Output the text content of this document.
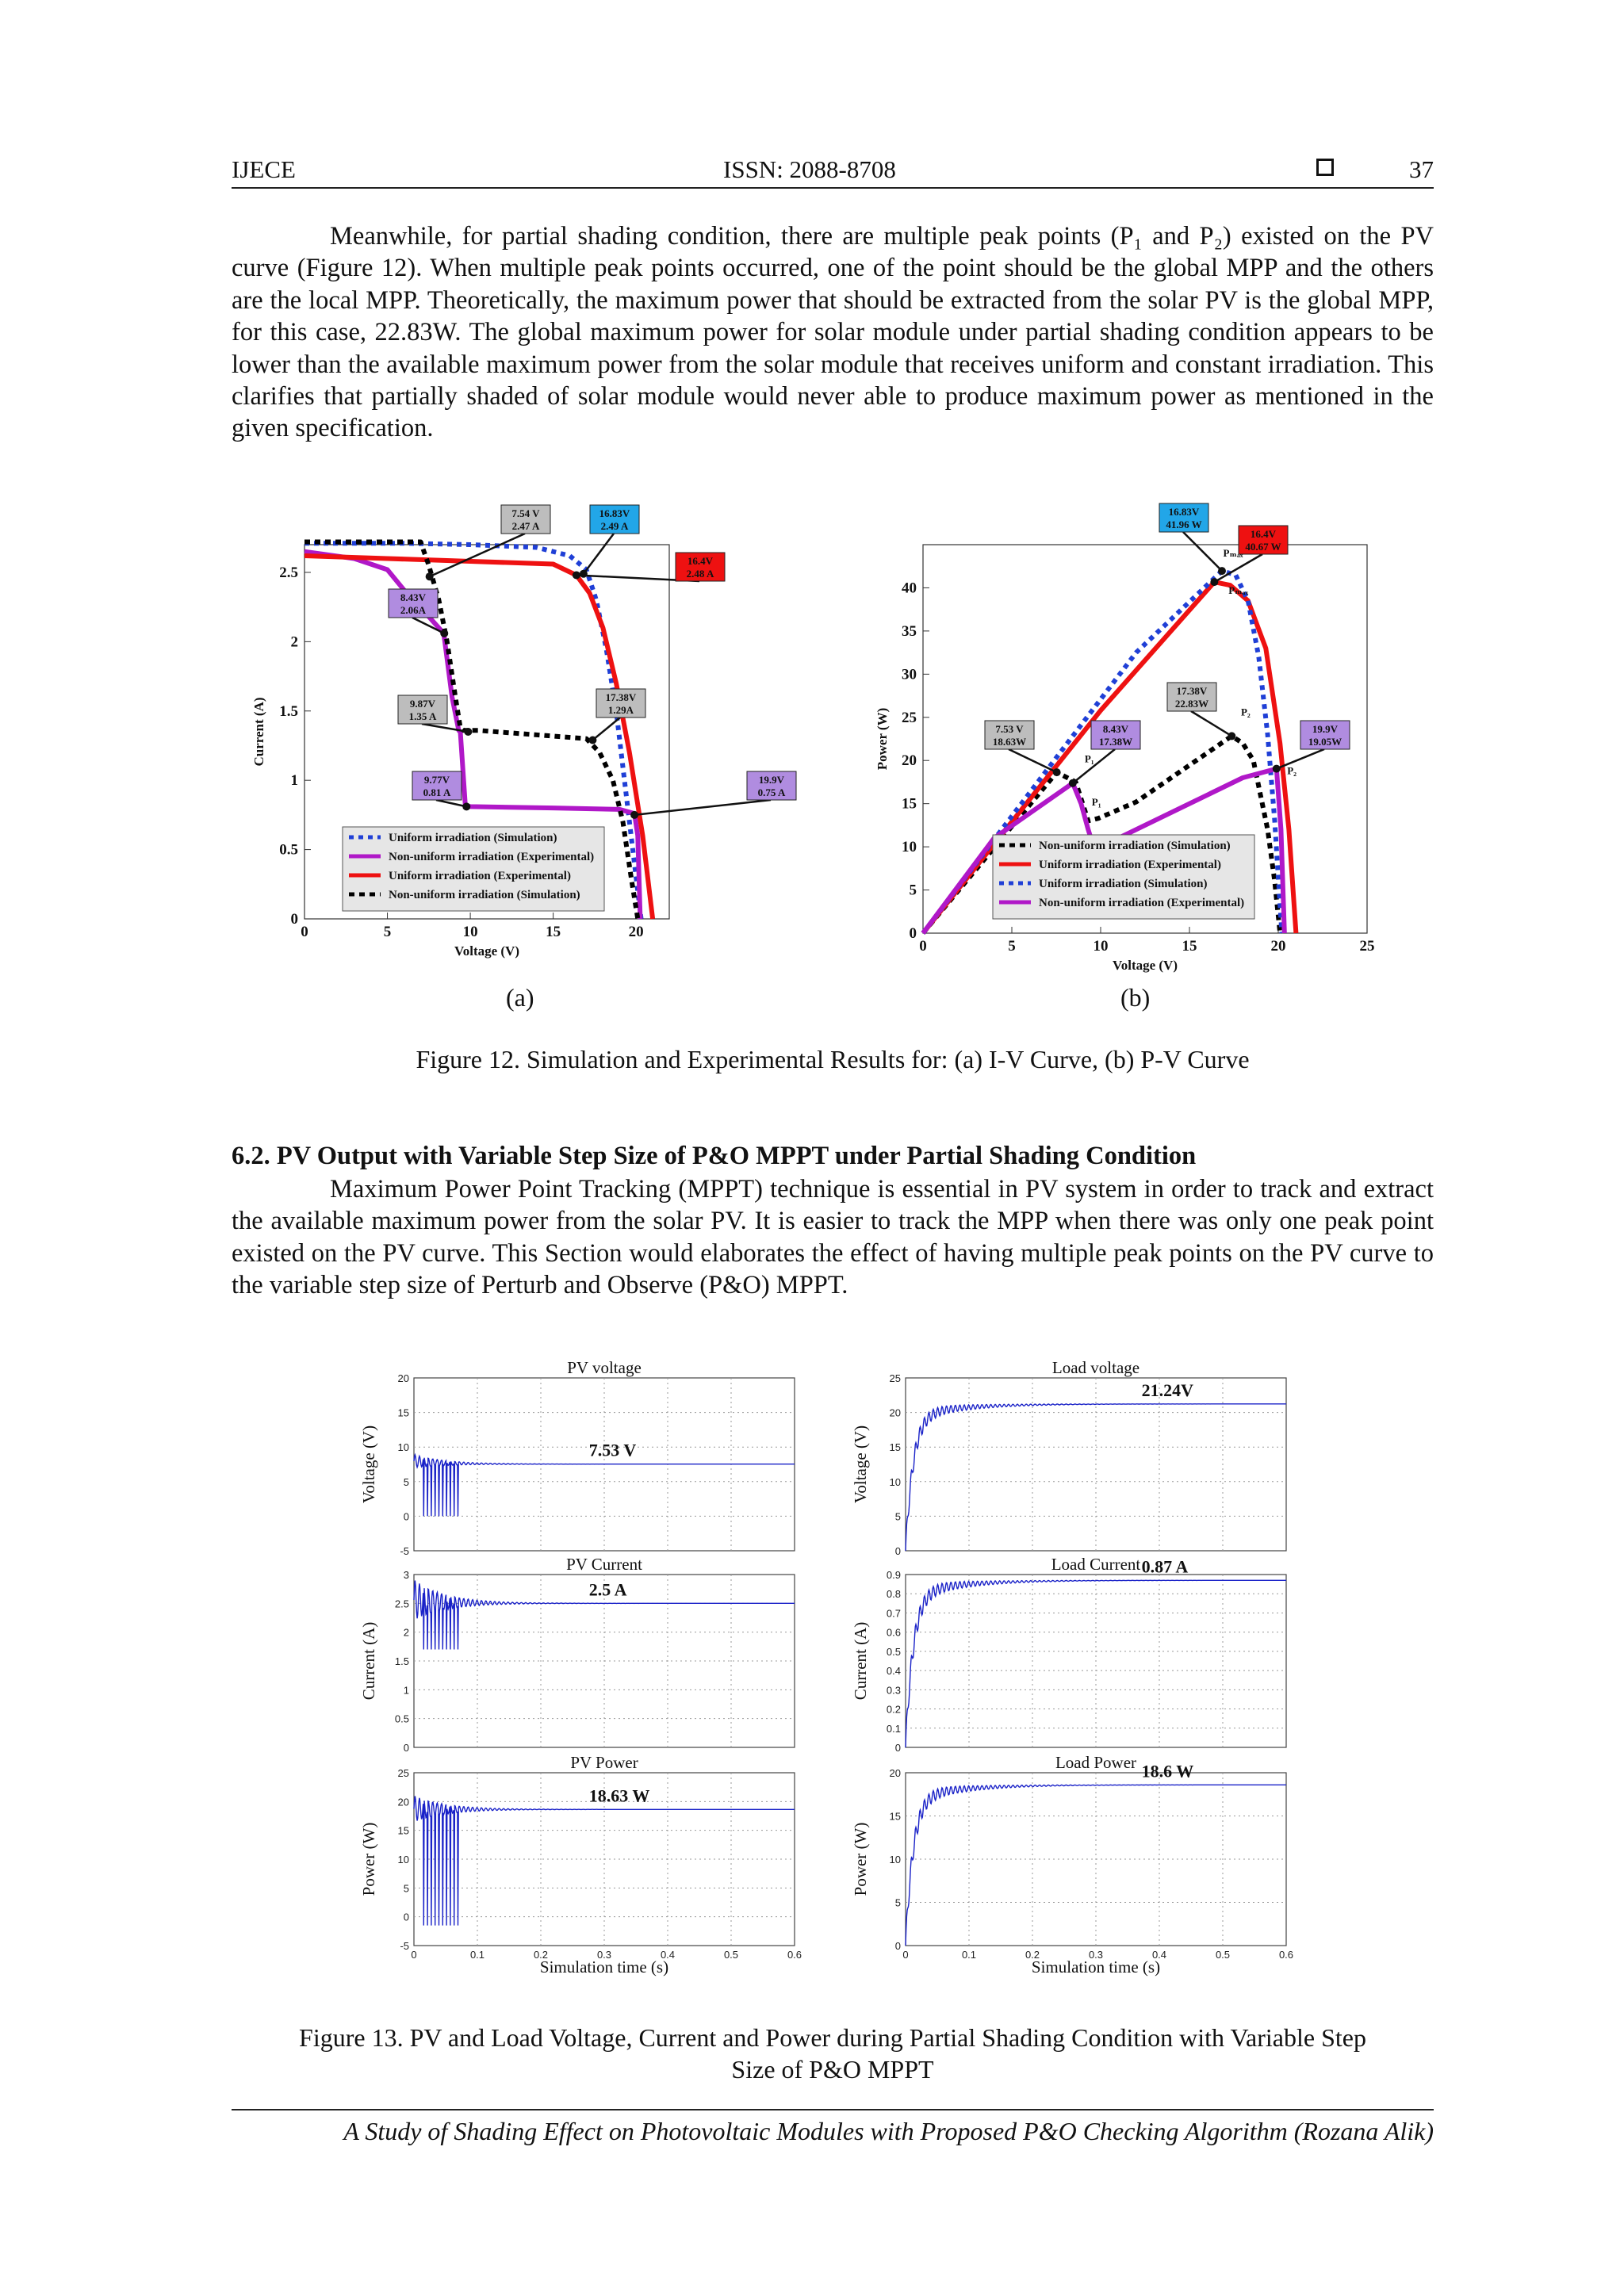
IJECE	ISSN: 2088-8708	37

Meanwhile, for partial shading condition, there are multiple peak points (P₁ and P₂) existed on the PV curve (Figure 12). When multiple peak points occurred, one of the point should be the global MPP and the others are the local MPP. Theoretically, the maximum power that should be extracted from the solar PV is the global MPP, for this case, 22.83W. The global maximum power for solar module under partial shading condition appears to be lower than the available maximum power from the solar module that receives uniform and constant irradiation. This clarifies that partially shaded of solar module would never able to produce maximum power as mentioned in the given specification.

0
0.5
1
1.5
2
2.5
0	5	10	15	20
Voltage (V)
Current (A)
7.54 V
2.47 A
16.83V
2.49 A
16.4V
2.48 A
8.43V
2.06A
9.87V
1.35 A
17.38V
1.29A
9.77V
0.81 A
19.9V
0.75 A
Uniform irradiation (Simulation)
Non-uniform irradiation (Experimental)
Uniform irradiation (Experimental)
Non-uniform irradiation (Simulation)
0
5
10
15
20
25
30
35
40
0	5	10	15	20	25
Voltage (V)
Power (W)
16.83V
41.96 W
16.4V
40.67 W
17.38V
22.83W
7.53 V
18.63W
8.43V
17.38W
19.9V
19.05W
Non-uniform irradiation (Simulation)
Uniform irradiation (Experimental)
Uniform irradiation (Simulation)
Non-uniform irradiation (Experimental)
Pₘₐₓ
Pₘₐₓ
P₂
P₁
P₁
P₂
(a)	(b)

Figure 12. Simulation and Experimental Results for: (a) I-V Curve, (b) P-V Curve

6.2. PV Output with Variable Step Size of P&O MPPT under Partial Shading Condition

Maximum Power Point Tracking (MPPT) technique is essential in PV system in order to track and extract the available maximum power from the solar PV. It is easier to track the MPP when there was only one peak point existed on the PV curve. This Section would elaborates the effect of having multiple peak points on the PV curve to the variable step size of Perturb and Observe (P&O) MPPT.

-5
0
5
10
15
20
PV voltage
Voltage (V)	7.53 V
0
5
10
15
20
25
Load voltage
Voltage (V)
21.24V
0
0.5
1
1.5
2
2.5
3
PV Current
Current (A)
2.5 A
0
0.1
0.2
0.3
0.4
0.5
0.6
0.7
0.8
0.9
Load Current
Current (A)
0.87 A
-5
0
5
10
15
20
25
0	0.1	0.2	0.3	0.4	0.5	0.6
Simulation time (s)
PV Power
Power (W)
18.63 W
0
5
10
15
20
0	0.1	0.2	0.3	0.4	0.5	0.6
Simulation time (s)
Load Power
Power (W)
18.6 W

Figure 13. PV and Load Voltage, Current and Power during Partial Shading Condition with Variable Step
Size of P&O MPPT

A Study of Shading Effect on Photovoltaic Modules with Proposed P&O Checking Algorithm (Rozana Alik)
